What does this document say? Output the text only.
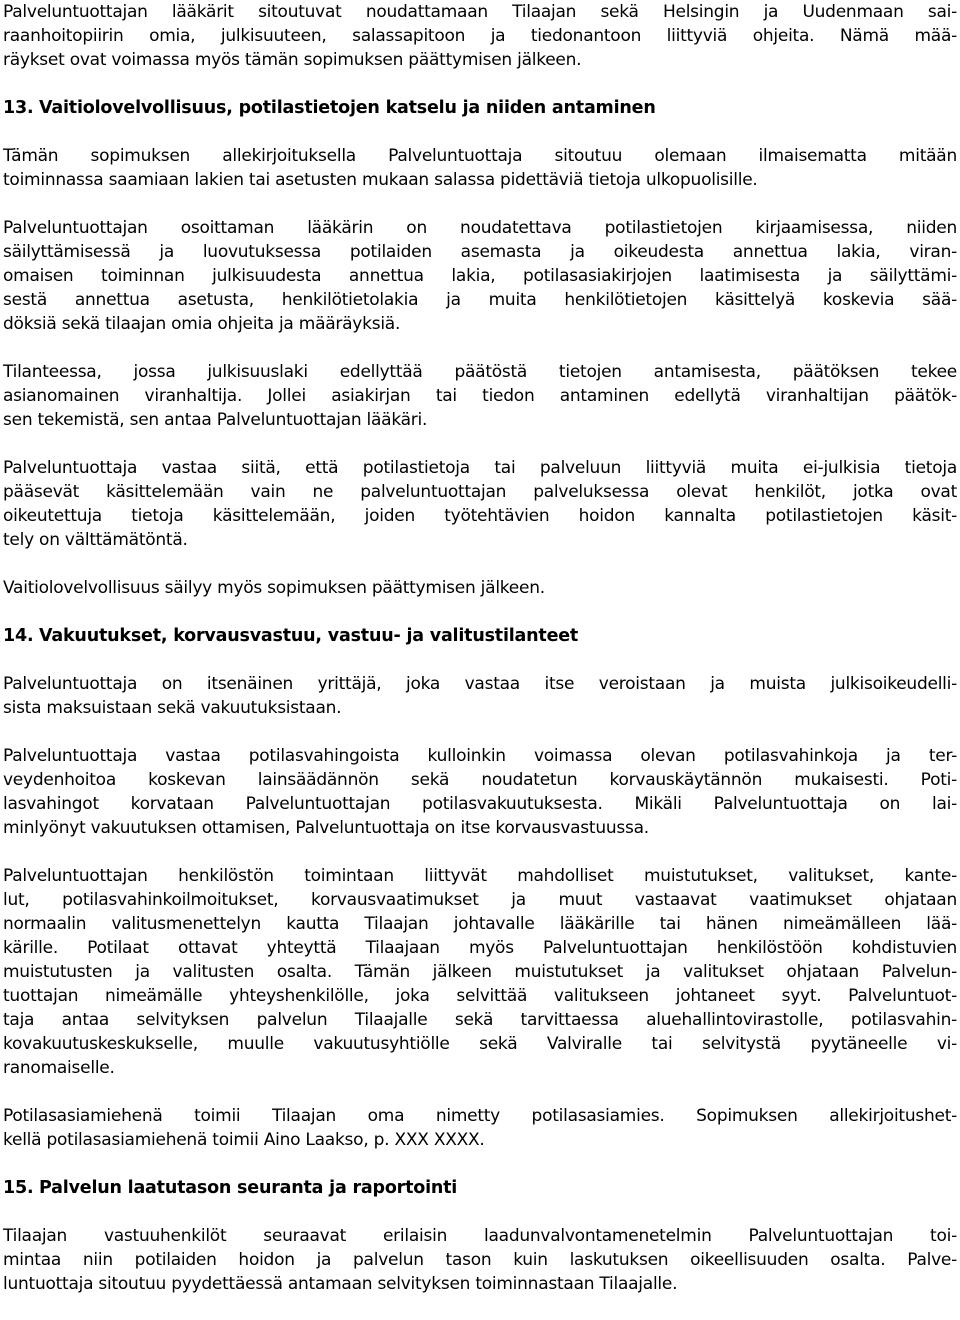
Palveluntuottajan lääkärit sitoutuvat noudattamaan Tilaajan sekä Helsingin ja Uudenmaan sai-
raanhoitopiirin omia, julkisuuteen, salassapitoon ja tiedonantoon liittyviä ohjeita. Nämä mää-
räykset ovat voimassa myös tämän sopimuksen päättymisen jälkeen.
13. Vaitiolovelvollisuus, potilastietojen katselu ja niiden antaminen
Tämän sopimuksen allekirjoituksella Palveluntuottaja sitoutuu olemaan ilmaisematta mitään
toiminnassa saamiaan lakien tai asetusten mukaan salassa pidettäviä tietoja ulkopuolisille.
Palveluntuottajan osoittaman lääkärin on noudatettava potilastietojen kirjaamisessa, niiden
säilyttämisessä ja luovutuksessa potilaiden asemasta ja oikeudesta annettua lakia, viran-
omaisen toiminnan julkisuudesta annettua lakia, potilasasiakirjojen laatimisesta ja säilyttämi-
sestä annettua asetusta, henkilötietolakia ja muita henkilötietojen käsittelyä koskevia sää-
döksiä sekä tilaajan omia ohjeita ja määräyksiä.
Tilanteessa, jossa julkisuuslaki edellyttää päätöstä tietojen antamisesta, päätöksen tekee
asianomainen viranhaltija. Jollei asiakirjan tai tiedon antaminen edellytä viranhaltijan päätök-
sen tekemistä, sen antaa Palveluntuottajan lääkäri.
Palveluntuottaja vastaa siitä, että potilastietoja tai palveluun liittyviä muita ei-julkisia tietoja
pääsevät käsittelemään vain ne palveluntuottajan palveluksessa olevat henkilöt, jotka ovat
oikeutettuja tietoja käsittelemään, joiden työtehtävien hoidon kannalta potilastietojen käsit-
tely on välttämätöntä.
Vaitiolovelvollisuus säilyy myös sopimuksen päättymisen jälkeen.
14. Vakuutukset, korvausvastuu, vastuu- ja valitustilanteet
Palveluntuottaja on itsenäinen yrittäjä, joka vastaa itse veroistaan ja muista julkisoikeudelli-
sista maksuistaan sekä vakuutuksistaan.
Palveluntuottaja vastaa potilasvahingoista kulloinkin voimassa olevan potilasvahinkoja ja ter-
veydenhoitoa koskevan lainsäädännön sekä noudatetun korvauskäytännön mukaisesti. Poti-
lasvahingot korvataan Palveluntuottajan potilasvakuutuksesta. Mikäli Palveluntuottaja on lai-
minlyönyt vakuutuksen ottamisen, Palveluntuottaja on itse korvausvastuussa.
Palveluntuottajan henkilöstön toimintaan liittyvät mahdolliset muistutukset, valitukset, kante-
lut, potilasvahinkoilmoitukset, korvausvaatimukset ja muut vastaavat vaatimukset ohjataan
normaalin valitusmenettelyn kautta Tilaajan johtavalle lääkärille tai hänen nimeämälleen lää-
kärille. Potilaat ottavat yhteyttä Tilaajaan myös Palveluntuottajan henkilöstöön kohdistuvien
muistutusten ja valitusten osalta. Tämän jälkeen muistutukset ja valitukset ohjataan Palvelun-
tuottajan nimeämälle yhteyshenkilölle, joka selvittää valitukseen johtaneet syyt. Palveluntuot-
taja antaa selvityksen palvelun Tilaajalle sekä tarvittaessa aluehallintovirastolle, potilasvahin-
kovakuutuskeskukselle, muulle vakuutusyhtiölle sekä Valviralle tai selvitystä pyytäneelle vi-
ranomaiselle.
Potilasasiamiehenä toimii Tilaajan oma nimetty potilasasiamies. Sopimuksen allekirjoitushet-
kellä potilasasiamiehenä toimii Aino Laakso, p. XXX XXXX.
15. Palvelun laatutason seuranta ja raportointi
Tilaajan vastuuhenkilöt seuraavat erilaisin laadunvalvontamenetelmin Palveluntuottajan toi-
mintaa niin potilaiden hoidon ja palvelun tason kuin laskutuksen oikeellisuuden osalta. Palve-
luntuottaja sitoutuu pyydettäessä antamaan selvityksen toiminnastaan Tilaajalle.
